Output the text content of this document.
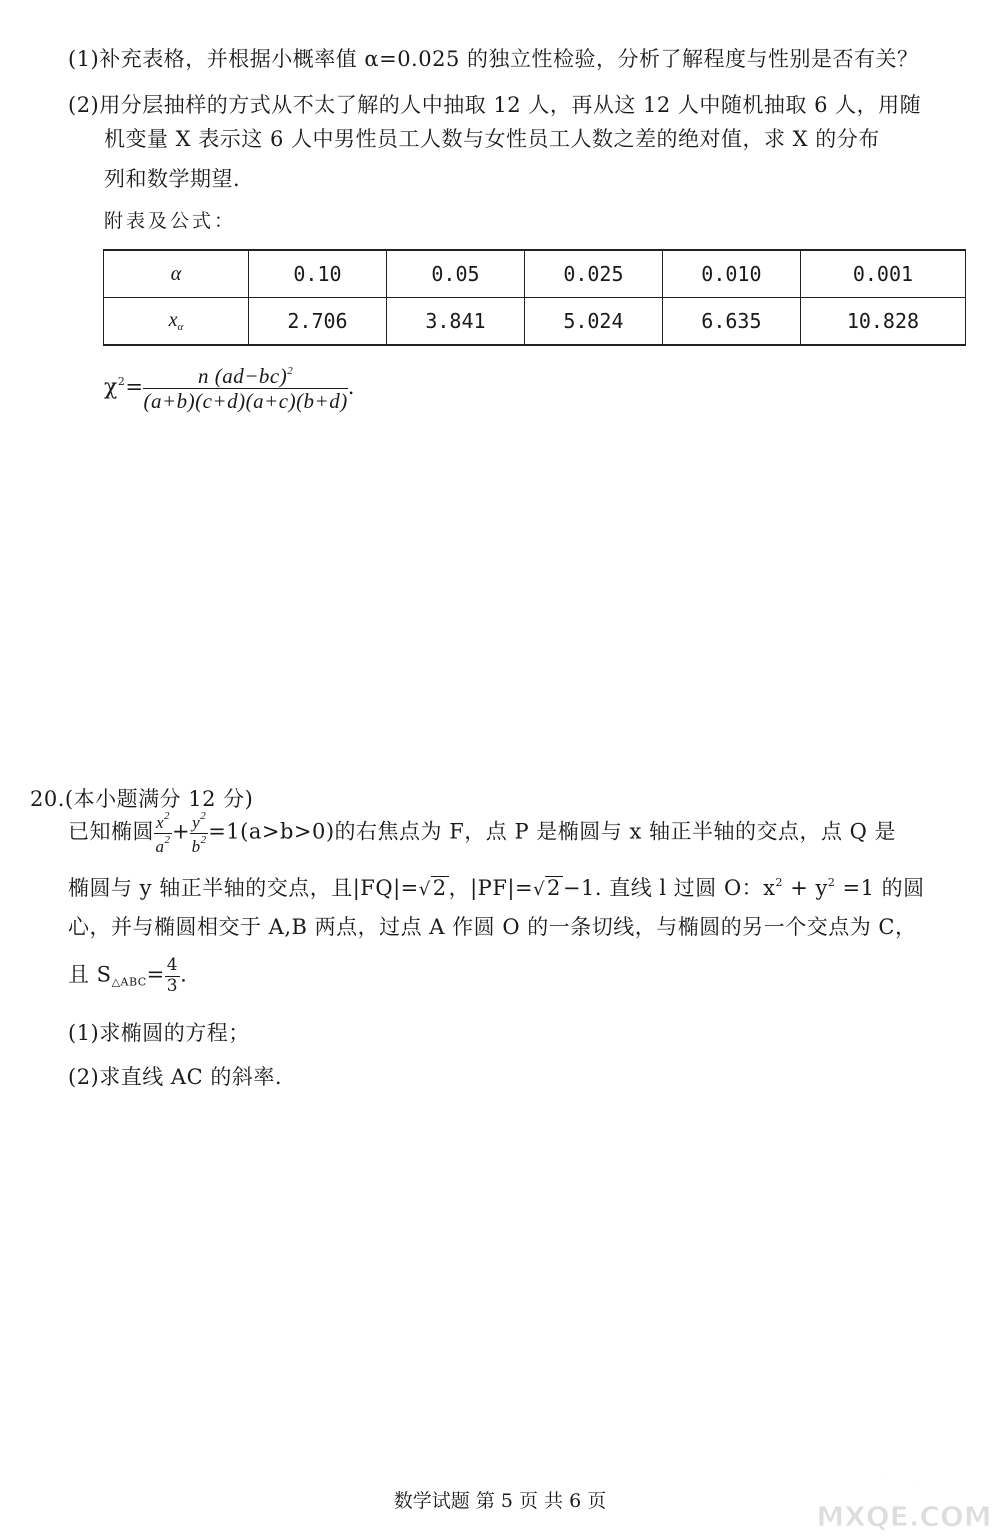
(1)补充表格，并根据小概率值 α=0.025 的独立性检验，分析了解程度与性别是否有关？
(2)用分层抽样的方式从不太了解的人中抽取 12 人，再从这 12 人中随机抽取 6 人，用随
机变量 X 表示这 6 人中男性员工人数与女性员工人数之差的绝对值，求 X 的分布
列和数学期望.
附表及公式：
α	0.10	0.05	0.025	0.010	0.001
$x_\alpha$	2.706	3.841	5.024	6.635	10.828
$\chi^2= \frac{n (ad-bc)^2}{(a+b)(c+d)(a+c)(b+d)}$ .
20.(本小题满分 12 分)
已知椭圆 $\frac{x^2}{a^2} + \frac{y^2}{b^2} =1(a>b>0)$的右焦点为 F，点 P 是椭圆与 x 轴正半轴的交点，点 Q 是
椭圆与 y 轴正半轴的交点，且|FQ|=√2，|PF|=√2−1. 直线 l 过圆 O：$x^2 + y^2 =1$ 的圆
心，并与椭圆相交于 A,B 两点，过点 A 作圆 O 的一条切线，与椭圆的另一个交点为 C，
且 $S_{\triangle ABC}= \frac{4}{3}$ .
(1)求椭圆的方程；
(2)求直线 AC 的斜率.
数学试题 第 5 页 共 6 页
答案圈
MXQE.COM
